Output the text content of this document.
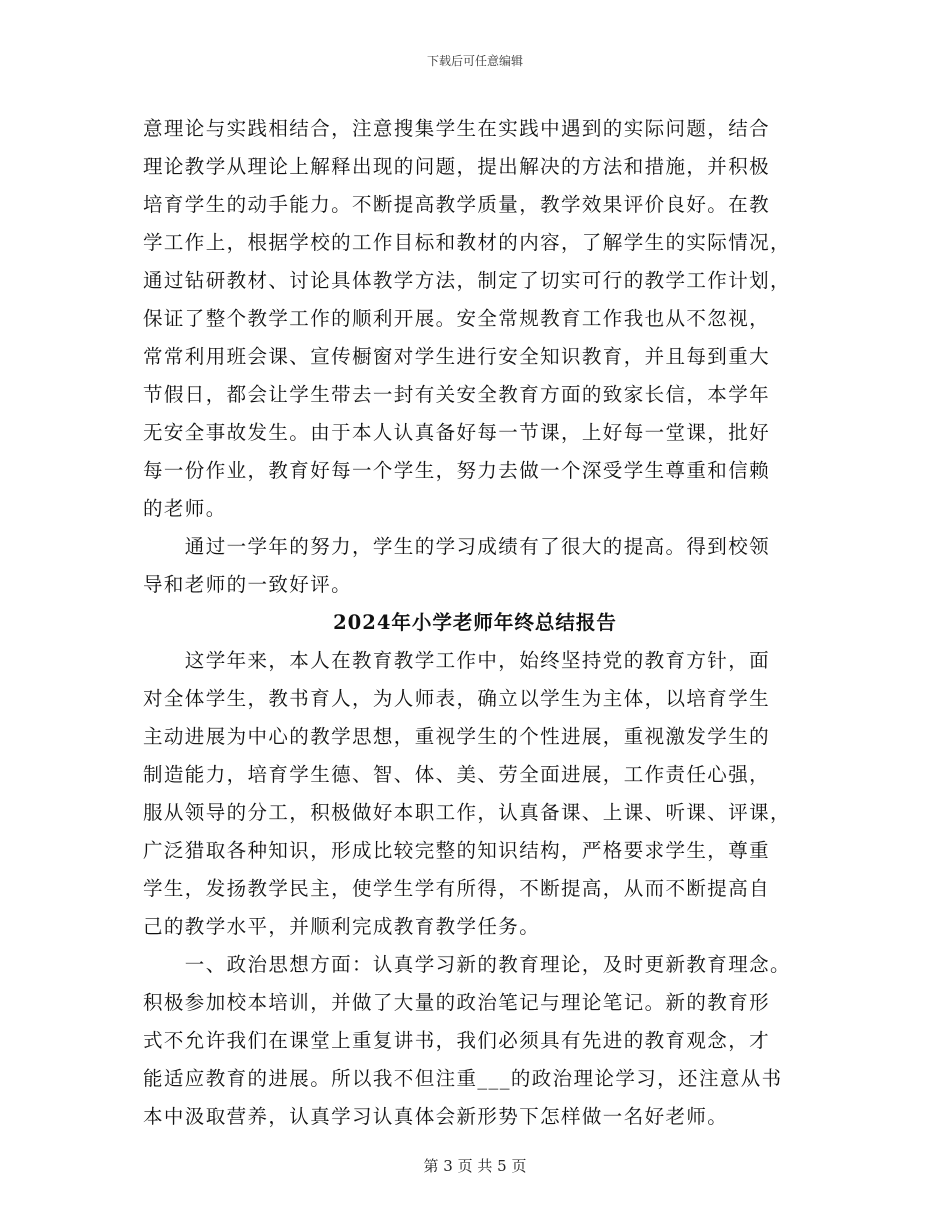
下载后可任意编辑
意理论与实践相结合，注意搜集学生在实践中遇到的实际问题，结合
理论教学从理论上解释出现的问题，提出解决的方法和措施，并积极
培育学生的动手能力。不断提高教学质量，教学效果评价良好。在教
学工作上，根据学校的工作目标和教材的内容，了解学生的实际情况，
通过钻研教材、讨论具体教学方法，制定了切实可行的教学工作计划，
保证了整个教学工作的顺利开展。安全常规教育工作我也从不忽视，
常常利用班会课、宣传橱窗对学生进行安全知识教育，并且每到重大
节假日，都会让学生带去一封有关安全教育方面的致家长信，本学年
无安全事故发生。由于本人认真备好每一节课，上好每一堂课，批好
每一份作业，教育好每一个学生，努力去做一个深受学生尊重和信赖
的老师。
　　通过一学年的努力，学生的学习成绩有了很大的提高。得到校领
导和老师的一致好评。
2024年小学老师年终总结报告
　　这学年来，本人在教育教学工作中，始终坚持党的教育方针，面
对全体学生，教书育人，为人师表，确立以学生为主体，以培育学生
主动进展为中心的教学思想，重视学生的个性进展，重视激发学生的
制造能力，培育学生德、智、体、美、劳全面进展，工作责任心强，
服从领导的分工，积极做好本职工作，认真备课、上课、听课、评课，
广泛猎取各种知识，形成比较完整的知识结构，严格要求学生，尊重
学生，发扬教学民主，使学生学有所得，不断提高，从而不断提高自
己的教学水平，并顺利完成教育教学任务。
　　一、政治思想方面：认真学习新的教育理论，及时更新教育理念。
积极参加校本培训，并做了大量的政治笔记与理论笔记。新的教育形
式不允许我们在课堂上重复讲书，我们必须具有先进的教育观念，才
能适应教育的进展。所以我不但注重___的政治理论学习，还注意从书
本中汲取营养，认真学习认真体会新形势下怎样做一名好老师。
第 3 页 共 5 页
